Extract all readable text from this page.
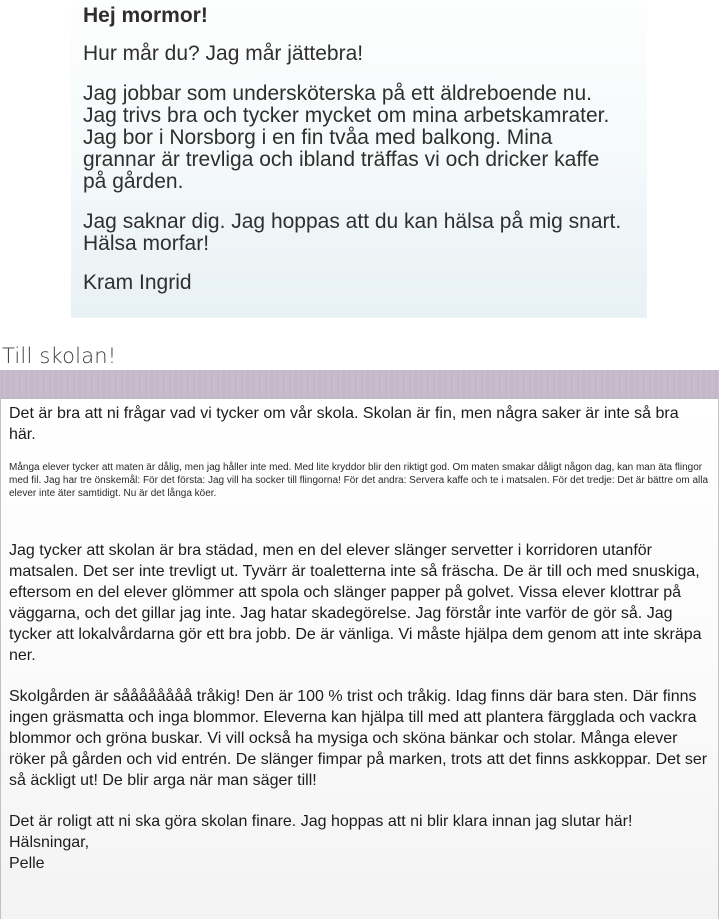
Hej mormor!

Hur mår du? Jag mår jättebra!

Jag jobbar som undersköterska på ett äldreboende nu. Jag trivs bra och tycker mycket om mina arbetskamrater. Jag bor i Norsborg i en fin tvåa med balkong. Mina grannar är trevliga och ibland träffas vi och dricker kaffe på gården.

Jag saknar dig. Jag hoppas att du kan hälsa på mig snart. Hälsa morfar!

Kram Ingrid

Till skolan!

Det är bra att ni frågar vad vi tycker om vår skola. Skolan är fin, men några saker är inte så bra här.

Många elever tycker att maten är dålig, men jag håller inte med. Med lite kryddor blir den riktigt god. Om maten smakar dåligt någon dag, kan man äta flingor med fil. Jag har tre önskemål: För det första: Jag vill ha socker till flingorna! För det andra: Servera kaffe och te i matsalen. För det tredje: Det är bättre om alla elever inte äter samtidigt. Nu är det långa köer.

Jag tycker att skolan är bra städad, men en del elever slänger servetter i korridoren utanför matsalen. Det ser inte trevligt ut. Tyvärr är toaletterna inte så fräscha. De är till och med snuskiga, eftersom en del elever glömmer att spola och slänger papper på golvet. Vissa elever klottrar på väggarna, och det gillar jag inte. Jag hatar skadegörelse. Jag förstår inte varför de gör så. Jag tycker att lokalvårdarna gör ett bra jobb. De är vänliga. Vi måste hjälpa dem genom att inte skräpa ner.

Skolgården är såååååååå tråkig! Den är 100 % trist och tråkig. Idag finns där bara sten. Där finns ingen gräsmatta och inga blommor. Eleverna kan hjälpa till med att plantera färgglada och vackra blommor och gröna buskar. Vi vill också ha mysiga och sköna bänkar och stolar. Många elever röker på gården och vid entrén. De slänger fimpar på marken, trots att det finns askkoppar. Det ser så äckligt ut! De blir arga när man säger till!

Det är roligt att ni ska göra skolan finare. Jag hoppas att ni blir klara innan jag slutar här!
Hälsningar,
Pelle
